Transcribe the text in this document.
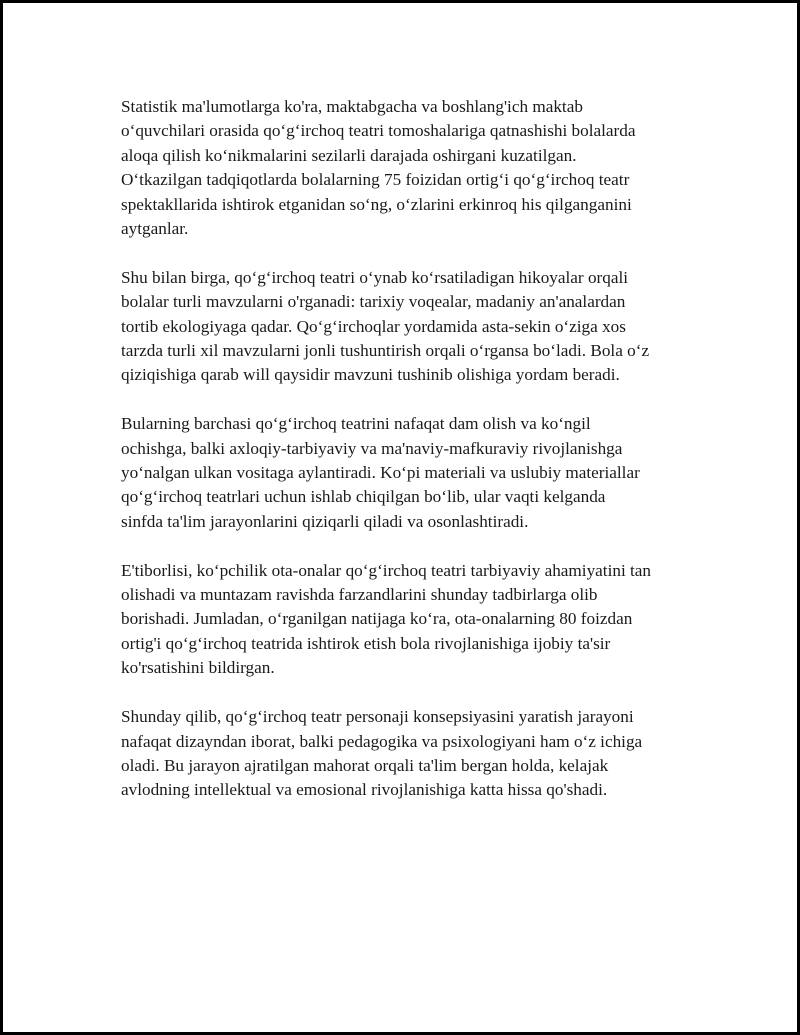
Statistik ma'lumotlarga ko'ra, maktabgacha va boshlang'ich maktab
o‘quvchilari orasida qo‘g‘irchoq teatri tomoshalariga qatnashishi bolalarda
aloqa qilish ko‘nikmalarini sezilarli darajada oshirgani kuzatilgan.
O‘tkazilgan tadqiqotlarda bolalarning 75 foizidan ortig‘i qo‘g‘irchoq teatr
spektakllarida ishtirok etganidan so‘ng, o‘zlarini erkinroq his qilganganini
aytganlar.

Shu bilan birga, qo‘g‘irchoq teatri o‘ynab ko‘rsatiladigan hikoyalar orqali
bolalar turli mavzularni o'rganadi: tarixiy voqealar, madaniy an'analardan
tortib ekologiyaga qadar. Qo‘g‘irchoqlar yordamida asta-sekin o‘ziga xos
tarzda turli xil mavzularni jonli tushuntirish orqali o‘rgansa bo‘ladi. Bola o‘z
qiziqishiga qarab will qaysidir mavzuni tushinib olishiga yordam beradi.

Bularning barchasi qo‘g‘irchoq teatrini nafaqat dam olish va ko‘ngil
ochishga, balki axloqiy-tarbiyaviy va ma'naviy-mafkuraviy rivojlanishga
yo‘nalgan ulkan vositaga aylantiradi. Ko‘pi materiali va uslubiy materiallar
qo‘g‘irchoq teatrlari uchun ishlab chiqilgan bo‘lib, ular vaqti kelganda
sinfda ta'lim jarayonlarini qiziqarli qiladi va osonlashtiradi.

E'tiborlisi, ko‘pchilik ota-onalar qo‘g‘irchoq teatri tarbiyaviy ahamiyatini tan
olishadi va muntazam ravishda farzandlarini shunday tadbirlarga olib
borishadi. Jumladan, o‘rganilgan natijaga ko‘ra, ota-onalarning 80 foizdan
ortig'i qo‘g‘irchoq teatrida ishtirok etish bola rivojlanishiga ijobiy ta'sir
ko'rsatishini bildirgan.

Shunday qilib, qo‘g‘irchoq teatr personaji konsepsiyasini yaratish jarayoni
nafaqat dizayndan iborat, balki pedagogika va psixologiyani ham o‘z ichiga
oladi. Bu jarayon ajratilgan mahorat orqali ta'lim bergan holda, kelajak
avlodning intellektual va emosional rivojlanishiga katta hissa qo'shadi.
